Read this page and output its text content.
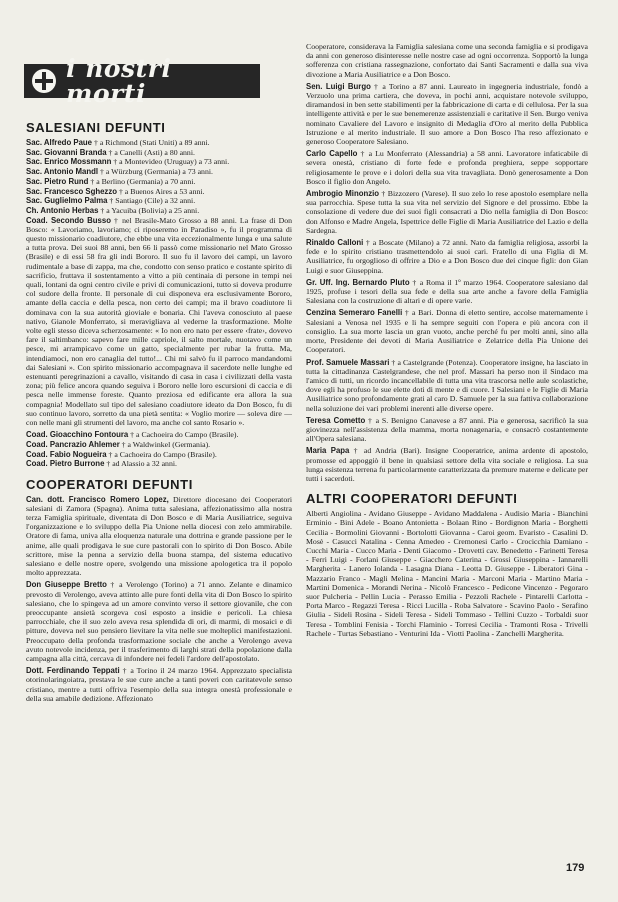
i nostri morti
SALESIANI DEFUNTI

Sac. Alfredo Paue † a Richmond (Stati Uniti) a 89 anni.

Sac. Giovanni Branda † a Canelli (Asti) a 80 anni.

Sac. Enrico Mossmann † a Montevideo (Uruguay) a 73 anni.

Sac. Antonio Mandl † a Würzburg (Germania) a 73 anni.

Sac. Pietro Rund † a Berlino (Germania) a 70 anni.

Sac. Francesco Sghezzo † a Buenos Aires a 53 anni.

Sac. Guglielmo Palma † Santiago (Cile) a 32 anni.

Ch. Antonio Herbas † a Yacuiba (Bolivia) a 25 anni.

Coad. Secondo Busso † nel Brasile-Mato Grosso a 88 anni. La frase di Don Bosco: « Lavoriamo, lavoriamo; ci riposeremo in Paradiso », fu il programma di questo missionario coadiutore, che ebbe una vita eccezionalmente lunga e una salute a tutta prova. Dei suoi 88 anni, ben 66 li passò come missionario nel Mato Grosso (Brasile) e di essi 58 fra gli indi Bororo. Il suo fu il lavoro dei campi, un lavoro rudimentale a base di zappa, ma che, condotto con senso pratico e costante spirito di sacrificio, fruttava il sostentamento a vitto a più centinaia di persone in tempi nei quali, lontani da ogni centro civile e privi di comunicazioni, tutto si doveva produrre col sudore della fronte. Il personale di cui disponeva era esclusivamente Bororo, amante della caccia e della pesca, non certo dei campi; ma il bravo coadiutore li dominava con la sua autorità gioviale e bonaria. Chi l'aveva conosciuto al paese nativo, Gianole Monferrato, si meravigliava al vederne la trasformazione. Molte volte egli stesso diceva scherzosamente: « Io non ero nato per essere ‹frate›, dovevo fare il saltimbanco: sapevo fare mille capriole, il salto mortale, nuotavo come un pesce, mi arrampicavo come un gatto, specialmente per rubar la frutta. Ma, intendiamoci, non ero canaglia del tutto!... Chi mi salvò fu il parroco mandandomi dai Salesiani ». Con spirito missionario accompagnava il sacerdote nelle lunghe ed estenuanti peregrinazioni a cavallo, visitando di casa in casa i civilizzati della vasta zona; più felice ancora quando seguiva i Bororo nelle loro escursioni di caccia e di pesca nelle immense foreste. Quanto preziosa ed edificante era allora la sua compagnia! Modellato sul tipo del salesiano coadiutore ideato da Don Bosco, fu di suo continuo lavoro, sorretto da una pietà sentita: « Voglio morire — soleva dire — con nelle mani gli strumenti del lavoro, ma anche col santo Rosario ».

Coad. Gioacchino Fontoura † a Cachoeira do Campo (Brasile).

Coad. Pancrazio Ahlemer † a Waldwinkel (Germania).

Coad. Fabio Nogueira † a Cachoeira do Campo (Brasile).

Coad. Pietro Burrone † ad Alassio a 32 anni.

COOPERATORI DEFUNTI

Can. dott. Francisco Romero Lopez, Direttore diocesano dei Cooperatori salesiani di Zamora (Spagna). Anima tutta salesiana, affezionatissimo alla nostra terza Famiglia spirituale, diventata di Don Bosco e di Maria Ausiliatrice, seguiva l'organizzazione e lo sviluppo della Pia Unione nella diocesi con zelo ammirabile. Oratore di fama, univa alla eloquenza naturale una dottrina e grande passione per le anime, alle quali prodigava le sue cure pastorali con lo spirito di Don Bosco. Abile scrittore, mise la penna a servizio della buona stampa, del sistema educativo salesiano e delle nostre opere, svolgendo una missione apologetica tra il popolo molto apprezzata.

Don Giuseppe Bretto † a Verolengo (Torino) a 71 anno. Zelante e dinamico prevosto di Verolengo, aveva attinto alle pure fonti della vita di Don Bosco lo spirito salesiano, che lo spingeva ad un amore convinto verso il settore giovanile, che con preoccupante ansietà scorgeva così esposto a insidie e pericoli. La chiesa parrocchiale, che il suo zelo aveva resa splendida di ori, di marmi, di mosaici e di pitture, doveva nel suo pensiero lievitare la vita nelle sue molteplici manifestazioni. Preoccupato della profonda trasformazione sociale che anche a Verolengo aveva avuto notevole incidenza, per il trasferimento di larghi strati della popolazione dalla campagna alla città, cercava di infondere nei fedeli l'ardore dell'apostolato.

Dott. Ferdinando Teppati † a Torino il 24 marzo 1964. Apprezzato specialista otorinolaringoiatra, prestava le sue cure anche a tanti poveri con caritatevole senso cristiano, mentre a tutti offriva l'esempio della sua integra onestà professionale e della sua amabile dedizione. Affezionato

Cooperatore, considerava la Famiglia salesiana come una seconda famiglia e si prodigava da anni con generoso disinteresse nelle nostre case ad ogni occorrenza. Sopportò la lunga sofferenza con cristiana rassegnazione, confortato dai Santi Sacramenti e dalla sua viva divozione a Maria Ausiliatrice e a Don Bosco.

Sen. Luigi Burgo † a Torino a 87 anni. Laureato in ingegneria industriale, fondò a Verzuolo una prima cartiera, che doveva, in pochi anni, acquistare notevole sviluppo, diramandosi in ben sette stabilimenti per la fabbricazione di carta e di cellulosa. Per la sua intelligente attività e per le sue benemerenze assistenziali e caritative il Sen. Burgo veniva nominato Cavaliere del Lavoro e insignito di Medaglia d'Oro al merito della Pubblica Istruzione e al merito industriale. Il suo amore a Don Bosco l'ha reso affezionato e generoso Cooperatore Salesiano.

Carlo Capello † a Lu Monferrato (Alessandria) a 58 anni. Lavoratore infaticabile di severa onestà, cristiano di forte fede e profonda preghiera, seppe sopportare religiosamente le prove e i dolori della sua vita travagliata. Donò generosamente a Don Bosco il figlio don Angelo.

Ambrogio Minonzio † Bizzozero (Varese). Il suo zelo lo rese apostolo esemplare nella sua parrocchia. Spese tutta la sua vita nel servizio del Signore e del prossimo. Ebbe la consolazione di vedere due dei suoi figli consacrati a Dio nella famiglia di Don Bosco: don Alfonso e Madre Angela, Ispettrice delle Figlie di Maria Ausiliatrice del Lazio e della Sardegna.

Rinaldo Calloni † a Boscate (Milano) a 72 anni. Nato da famiglia religiosa, assorbì la fede e lo spirito cristiano trasmettendolo ai suoi cari. Fratello di una Figlia di M. Ausiliatrice, fu orgoglioso di offrire a Dio e a Don Bosco due dei cinque figli: don Gian Luigi e suor Giuseppina.

Gr. Uff. Ing. Bernardo Pluto † a Roma il 1º marzo 1964. Cooperatore salesiano dal 1925, profuse i tesori della sua fede e della sua arte anche a favore della Famiglia Salesiana con la costruzione di altari e di opere varie.

Cenzina Semeraro Fanelli † a Bari. Donna di eletto sentire, accolse maternamente i Salesiani a Venosa nel 1935 e li ha sempre seguiti con l'opera e più ancora con il consiglio. La sua morte lascia un gran vuoto, anche perché fu per molti anni, sino alla morte, Presidente dei devoti di Maria Ausiliatrice e Zelatrice della Pia Unione dei Cooperatori.

Prof. Samuele Massari † a Castelgrande (Potenza). Cooperatore insigne, ha lasciato in tutta la cittadinanza Castelgrandese, che nel prof. Massari ha perso non il Sindaco ma l'amico di tutti, un ricordo incancellabile di tutta una vita trascorsa nelle aule scolastiche, dove egli ha profuso le sue elette doti di mente e di cuore. I Salesiani e le Figlie di Maria Ausiliatrice sono profondamente grati al caro D. Samuele per la sua fattiva collaborazione nella soluzione dei vari problemi inerenti alle diverse opere.

Teresa Cometto † a S. Benigno Canavese a 87 anni. Pia e generosa, sacrificò la sua giovinezza nell'assistenza della mamma, morta nonagenaria, e consacrò costantemente all'Opera salesiana.

Maria Papa † ad Andria (Bari). Insigne Cooperatrice, anima ardente di apostolo, promosse ed appoggiò il bene in qualsiasi settore della vita sociale e religiosa. La sua lunga esistenza terrena fu particolarmente caratterizzata da premure materne e delicate per tutti i sacerdoti.

ALTRI COOPERATORI DEFUNTI

Alberti Angiolina - Avidano Giuseppe - Avidano Maddalena - Audisio Maria - Bianchini Erminio - Bini Adele - Boano Antonietta - Bolaan Rino - Bordignon Maria - Borghetti Cecilia - Bormolini Giovanni - Bortolotti Giovanna - Caroi geom. Evaristo - Casalini D. Mosè - Casucci Natalina - Cenna Amedeo - Cremonesi Carlo - Crocicchia Damiano - Cucchi Maria - Cucco Maria - Denti Giacomo - Drovetti cav. Benedetto - Farinetti Teresa - Ferri Luigi - Forlani Giuseppe - Giacchero Caterina - Grossi Giuseppina - Iannarelli Margherita - Lanero Iolanda - Lasagna Diana - Leotta D. Giuseppe - Liberatori Gina - Mazzario Franco - Magli Melina - Mancini Maria - Marconi Maria - Martino Maria - Martini Domenica - Morandi Nerina - Nicolò Francesco - Pedicone Vincenzo - Pegoraro suor Pulcheria - Pellin Lucia - Perasso Emilia - Pezzoli Rachele - Pintarelli Carlotta - Porta Marco - Regazzi Teresa - Ricci Lucilla - Roba Salvatore - Scavino Paolo - Serafino Giulia - Sideli Rosina - Sideli Teresa - Sideli Tommaso - Tellini Cuzzo - Torbaldi suor Teresa - Tomblini Fenisia - Torchi Flaminio - Torresi Cecilia - Tramonti Rosa - Trivelli Rachele - Turtas Sebastiano - Venturini Ida - Viotti Paolina - Zanchelli Margherita.

179
